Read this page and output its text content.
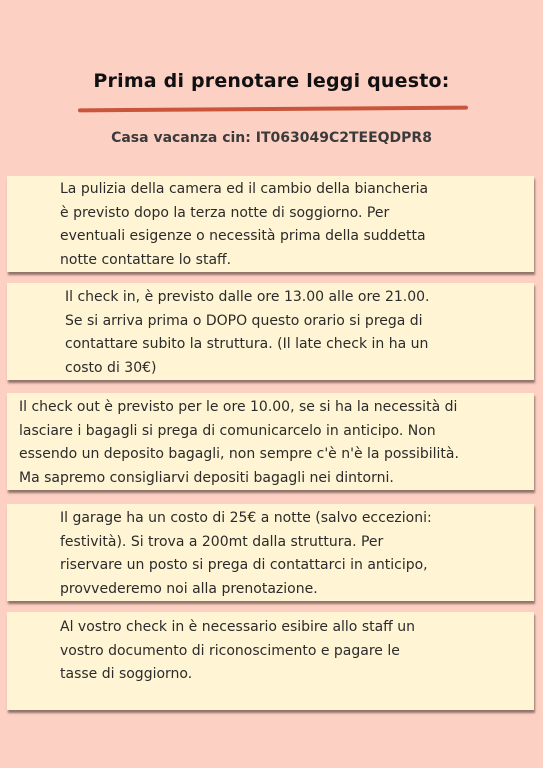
Prima di prenotare leggi questo:
Casa vacanza cin: IT063049C2TEEQDPR8
La pulizia della camera ed il cambio della biancheria
è previsto dopo la terza notte di soggiorno. Per
eventuali esigenze o necessità prima della suddetta
notte contattare lo staff.
Il check in, è previsto dalle ore 13.00 alle ore 21.00.
Se si arriva prima o DOPO questo orario si prega di
contattare subito la struttura. (Il late check in ha un
costo di 30€)
Il check out è previsto per le ore 10.00, se si ha la necessità di
lasciare i bagagli si prega di comunicarcelo in anticipo. Non
essendo un deposito bagagli, non sempre c'è n'è la possibilità.
Ma sapremo consigliarvi depositi bagagli nei dintorni.
Il garage ha un costo di 25€ a notte (salvo eccezioni:
festività). Si trova a 200mt dalla struttura. Per
riservare un posto si prega di contattarci in anticipo,
provvederemo noi alla prenotazione.
Al vostro check in è necessario esibire allo staff un
vostro documento di riconoscimento e pagare le
tasse di soggiorno.
